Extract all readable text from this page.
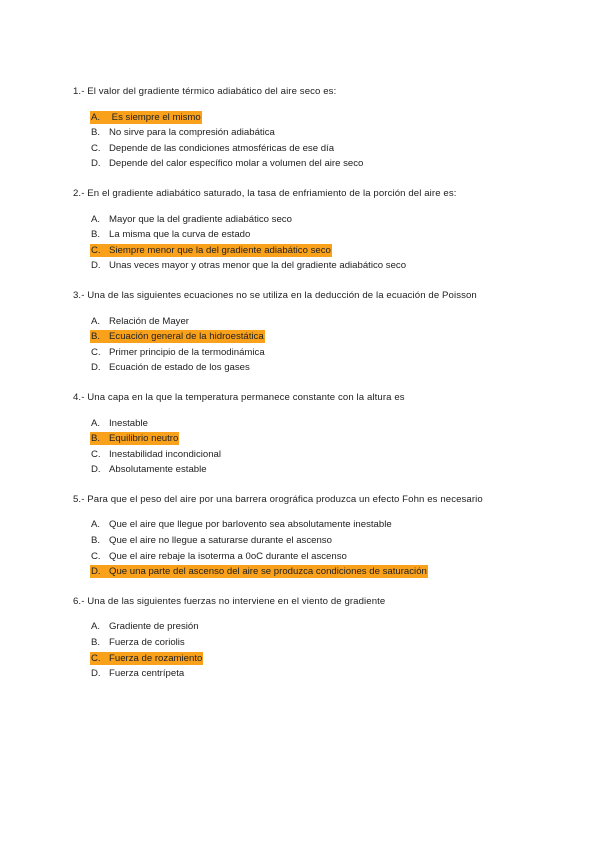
1.- El valor del gradiente térmico adiabático del aire seco es:
A. Es siempre el mismo
B. No sirve para la compresión adiabática
C. Depende de las condiciones atmosféricas de ese día
D. Depende del calor específico molar a volumen del aire seco
2.- En el gradiente adiabático saturado, la tasa de enfriamiento de la porción del aire es:
A. Mayor que la del gradiente adiabático seco
B. La misma que la curva de estado
C. Siempre menor que la del gradiente adiabático seco
D. Unas veces mayor y otras menor que la del gradiente adiabático seco
3.- Una de las siguientes ecuaciones no se utiliza en la deducción de la ecuación de Poisson
A. Relación de Mayer
B. Ecuación general de la hidroestática
C. Primer principio de la termodinámica
D. Ecuación de estado de los gases
4.- Una capa en la que la temperatura permanece constante con la altura es
A. Inestable
B. Equilibrio neutro
C. Inestabilidad incondicional
D. Absolutamente estable
5.- Para que el peso del aire por una barrera orográfica produzca un efecto Fohn es necesario
A. Que el aire que llegue por barlovento sea absolutamente inestable
B. Que el aire no llegue a saturarse durante el ascenso
C. Que el aire rebaje la isoterma a 0oC durante el ascenso
D. Que una parte del ascenso del aire se produzca condiciones de saturación
6.- Una de las siguientes fuerzas no interviene en el viento de gradiente
A. Gradiente de presión
B. Fuerza de coriolis
C. Fuerza de rozamiento
D. Fuerza centrípeta
